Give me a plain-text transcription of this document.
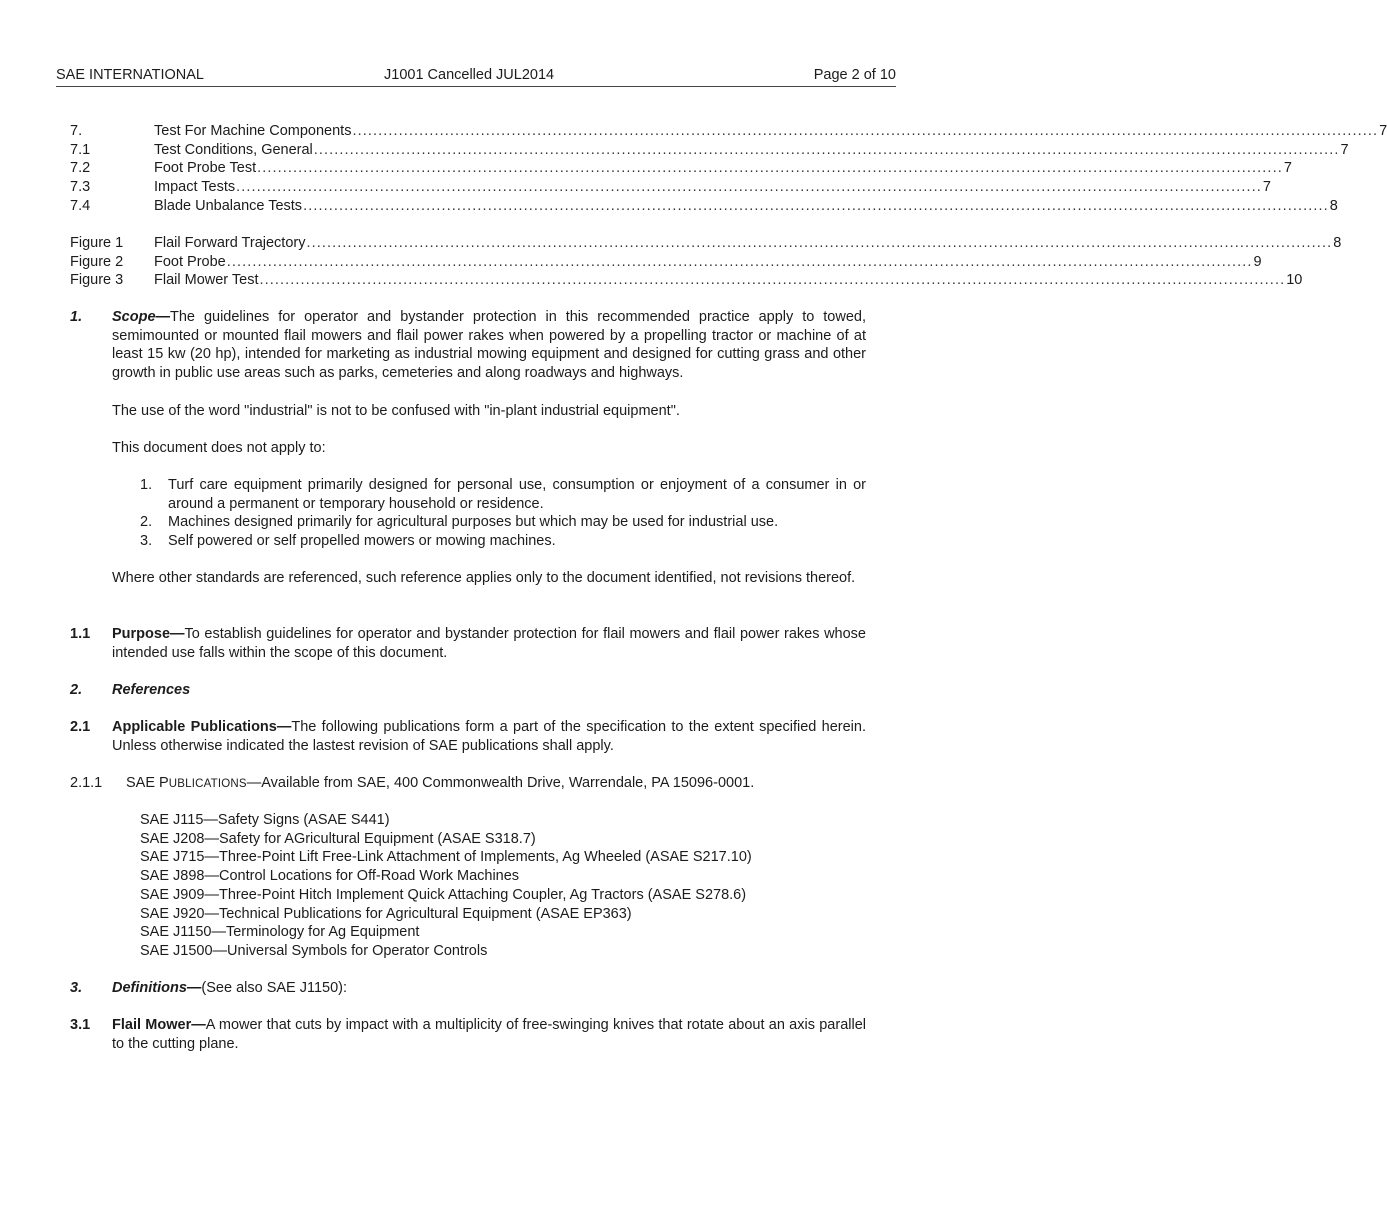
SAE INTERNATIONAL	J1001 Cancelled JUL2014	Page 2 of 10
7.	Test For Machine Components ........................................................................................................................................................................................................ 7
7.1	Test Conditions, General ........................................................................................................................................................................................................ 7
7.2	Foot Probe Test ........................................................................................................................................................................................................ 7
7.3	Impact Tests ........................................................................................................................................................................................................ 7
7.4	Blade Unbalance Tests ........................................................................................................................................................................................................ 8
Figure 1	Flail Forward Trajectory ........................................................................................................................................................................................................ 8
Figure 2	Foot Probe ........................................................................................................................................................................................................ 9
Figure 3	Flail Mower Test ........................................................................................................................................................................................................ 10
1. Scope—The guidelines for operator and bystander protection in this recommended practice apply to towed, semimounted or mounted flail mowers and flail power rakes when powered by a propelling tractor or machine of at least 15 kw (20 hp), intended for marketing as industrial mowing equipment and designed for cutting grass and other growth in public use areas such as parks, cemeteries and along roadways and highways.
The use of the word "industrial" is not to be confused with "in-plant industrial equipment".
This document does not apply to:
1. Turf care equipment primarily designed for personal use, consumption or enjoyment of a consumer in or around a permanent or temporary household or residence.
2. Machines designed primarily for agricultural purposes but which may be used for industrial use.
3. Self powered or self propelled mowers or mowing machines.
Where other standards are referenced, such reference applies only to the document identified, not revisions thereof.
1.1 Purpose—To establish guidelines for operator and bystander protection for flail mowers and flail power rakes whose intended use falls within the scope of this document.
2. References
2.1 Applicable Publications—The following publications form a part of the specification to the extent specified herein. Unless otherwise indicated the lastest revision of SAE publications shall apply.
2.1.1 SAE PUBLICATIONS—Available from SAE, 400 Commonwealth Drive, Warrendale, PA 15096-0001.
SAE J115—Safety Signs (ASAE S441)
SAE J208—Safety for AGricultural Equipment (ASAE S318.7)
SAE J715—Three-Point Lift Free-Link Attachment of Implements, Ag Wheeled (ASAE S217.10)
SAE J898—Control Locations for Off-Road Work Machines
SAE J909—Three-Point Hitch Implement Quick Attaching Coupler, Ag Tractors (ASAE S278.6)
SAE J920—Technical Publications for Agricultural Equipment (ASAE EP363)
SAE J1150—Terminology for Ag Equipment
SAE J1500—Universal Symbols for Operator Controls
3. Definitions—(See also SAE J1150):
3.1 Flail Mower—A mower that cuts by impact with a multiplicity of free-swinging knives that rotate about an axis parallel to the cutting plane.
